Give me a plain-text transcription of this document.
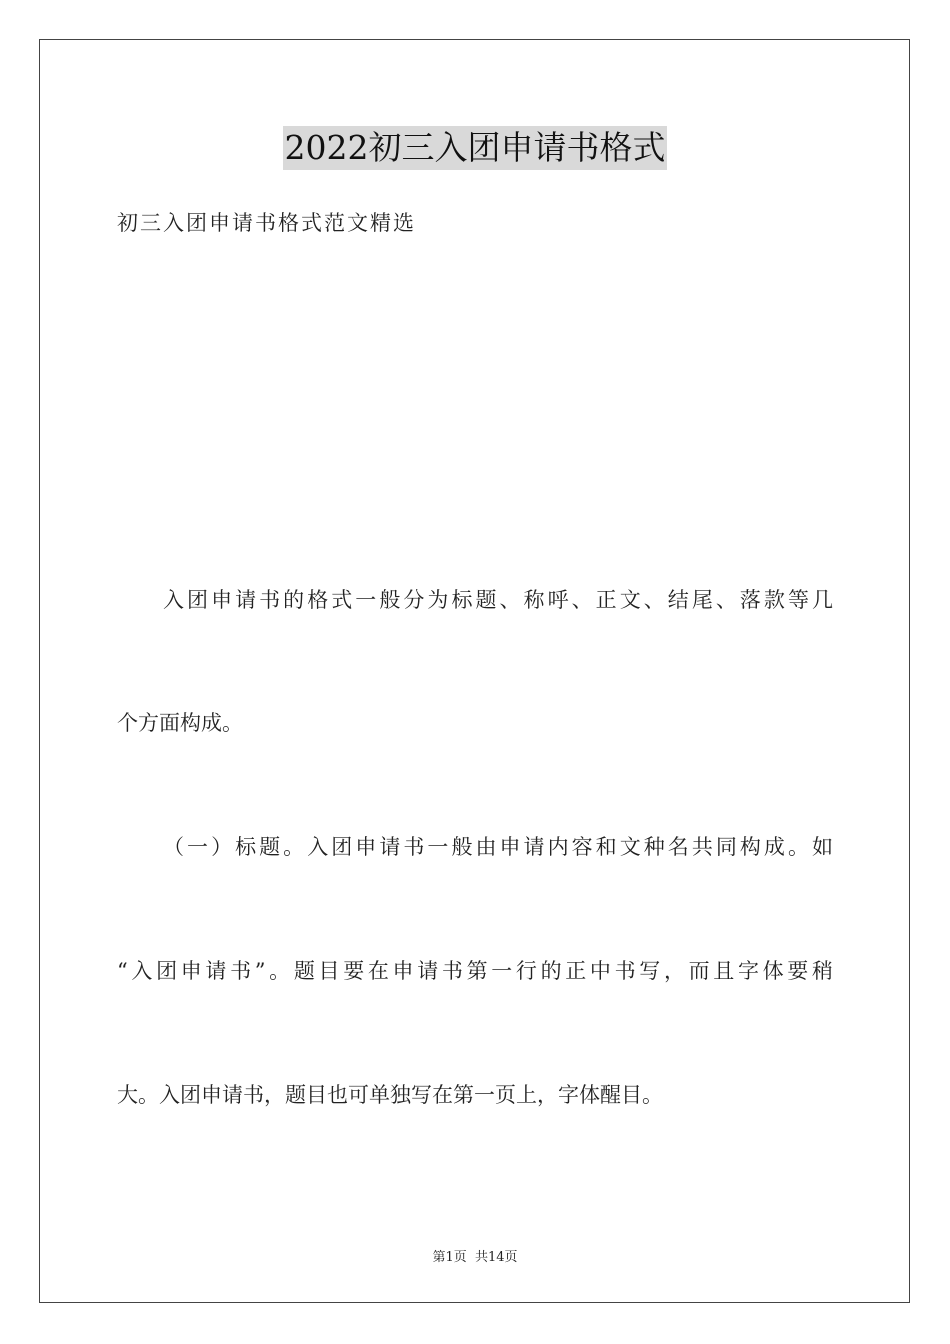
2022初三入团申请书格式
初三入团申请书格式范文精选
入团申请书的格式一般分为标题、称呼、正文、结尾、落款等几
个方面构成。
（一）标题。入团申请书一般由申请内容和文种名共同构成。如
“入团申请书”。题目要在申请书第一行的正中书写，而且字体要稍
大。入团申请书，题目也可单独写在第一页上，字体醒目。
第1页 共14页
